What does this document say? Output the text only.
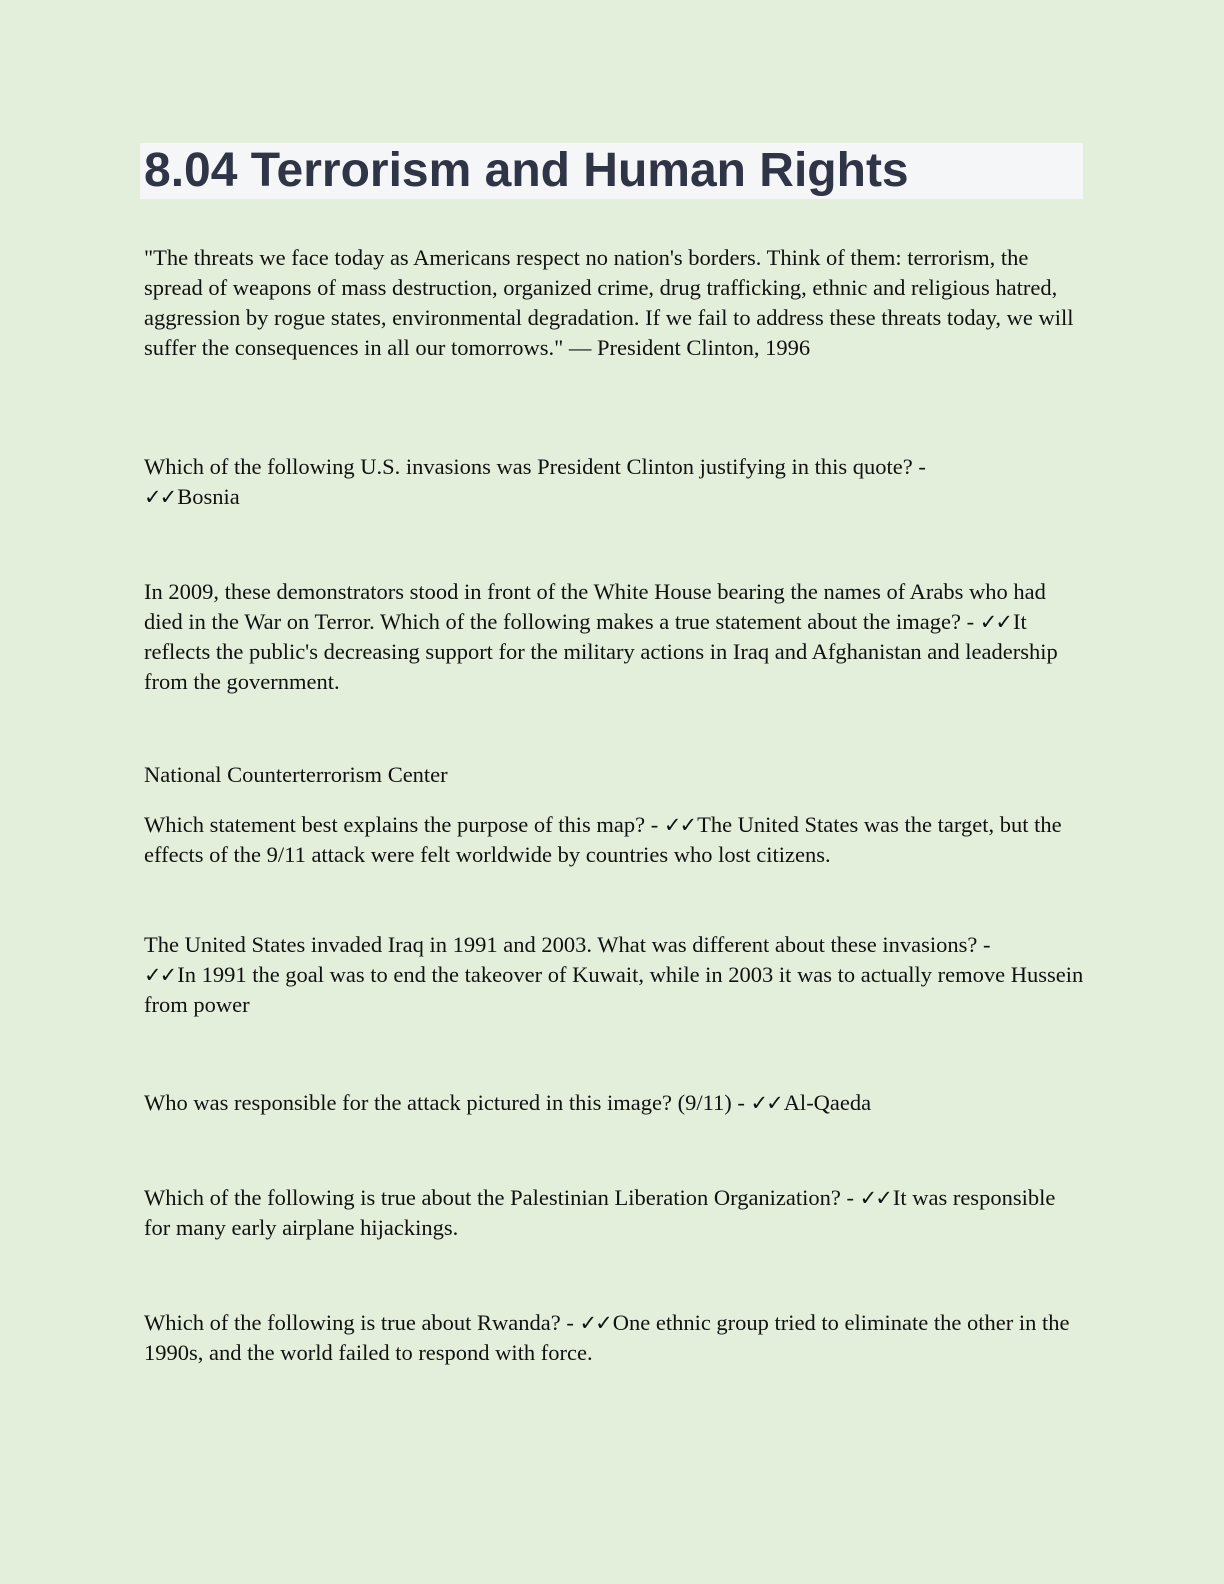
8.04 Terrorism and Human Rights

"The threats we face today as Americans respect no nation's borders. Think of them: terrorism, the spread of weapons of mass destruction, organized crime, drug trafficking, ethnic and religious hatred, aggression by rogue states, environmental degradation. If we fail to address these threats today, we will suffer the consequences in all our tomorrows." — President Clinton, 1996

Which of the following U.S. invasions was President Clinton justifying in this quote? -
✓✓Bosnia

In 2009, these demonstrators stood in front of the White House bearing the names of Arabs who had died in the War on Terror. Which of the following makes a true statement about the image? - ✓✓It reflects the public's decreasing support for the military actions in Iraq and Afghanistan and leadership from the government.

National Counterterrorism Center

Which statement best explains the purpose of this map? - ✓✓The United States was the target, but the effects of the 9/11 attack were felt worldwide by countries who lost citizens.

The United States invaded Iraq in 1991 and 2003. What was different about these invasions? -
✓✓In 1991 the goal was to end the takeover of Kuwait, while in 2003 it was to actually remove Hussein from power

Who was responsible for the attack pictured in this image? (9/11) - ✓✓Al-Qaeda

Which of the following is true about the Palestinian Liberation Organization? - ✓✓It was responsible for many early airplane hijackings.

Which of the following is true about Rwanda? - ✓✓One ethnic group tried to eliminate the other in the 1990s, and the world failed to respond with force.
